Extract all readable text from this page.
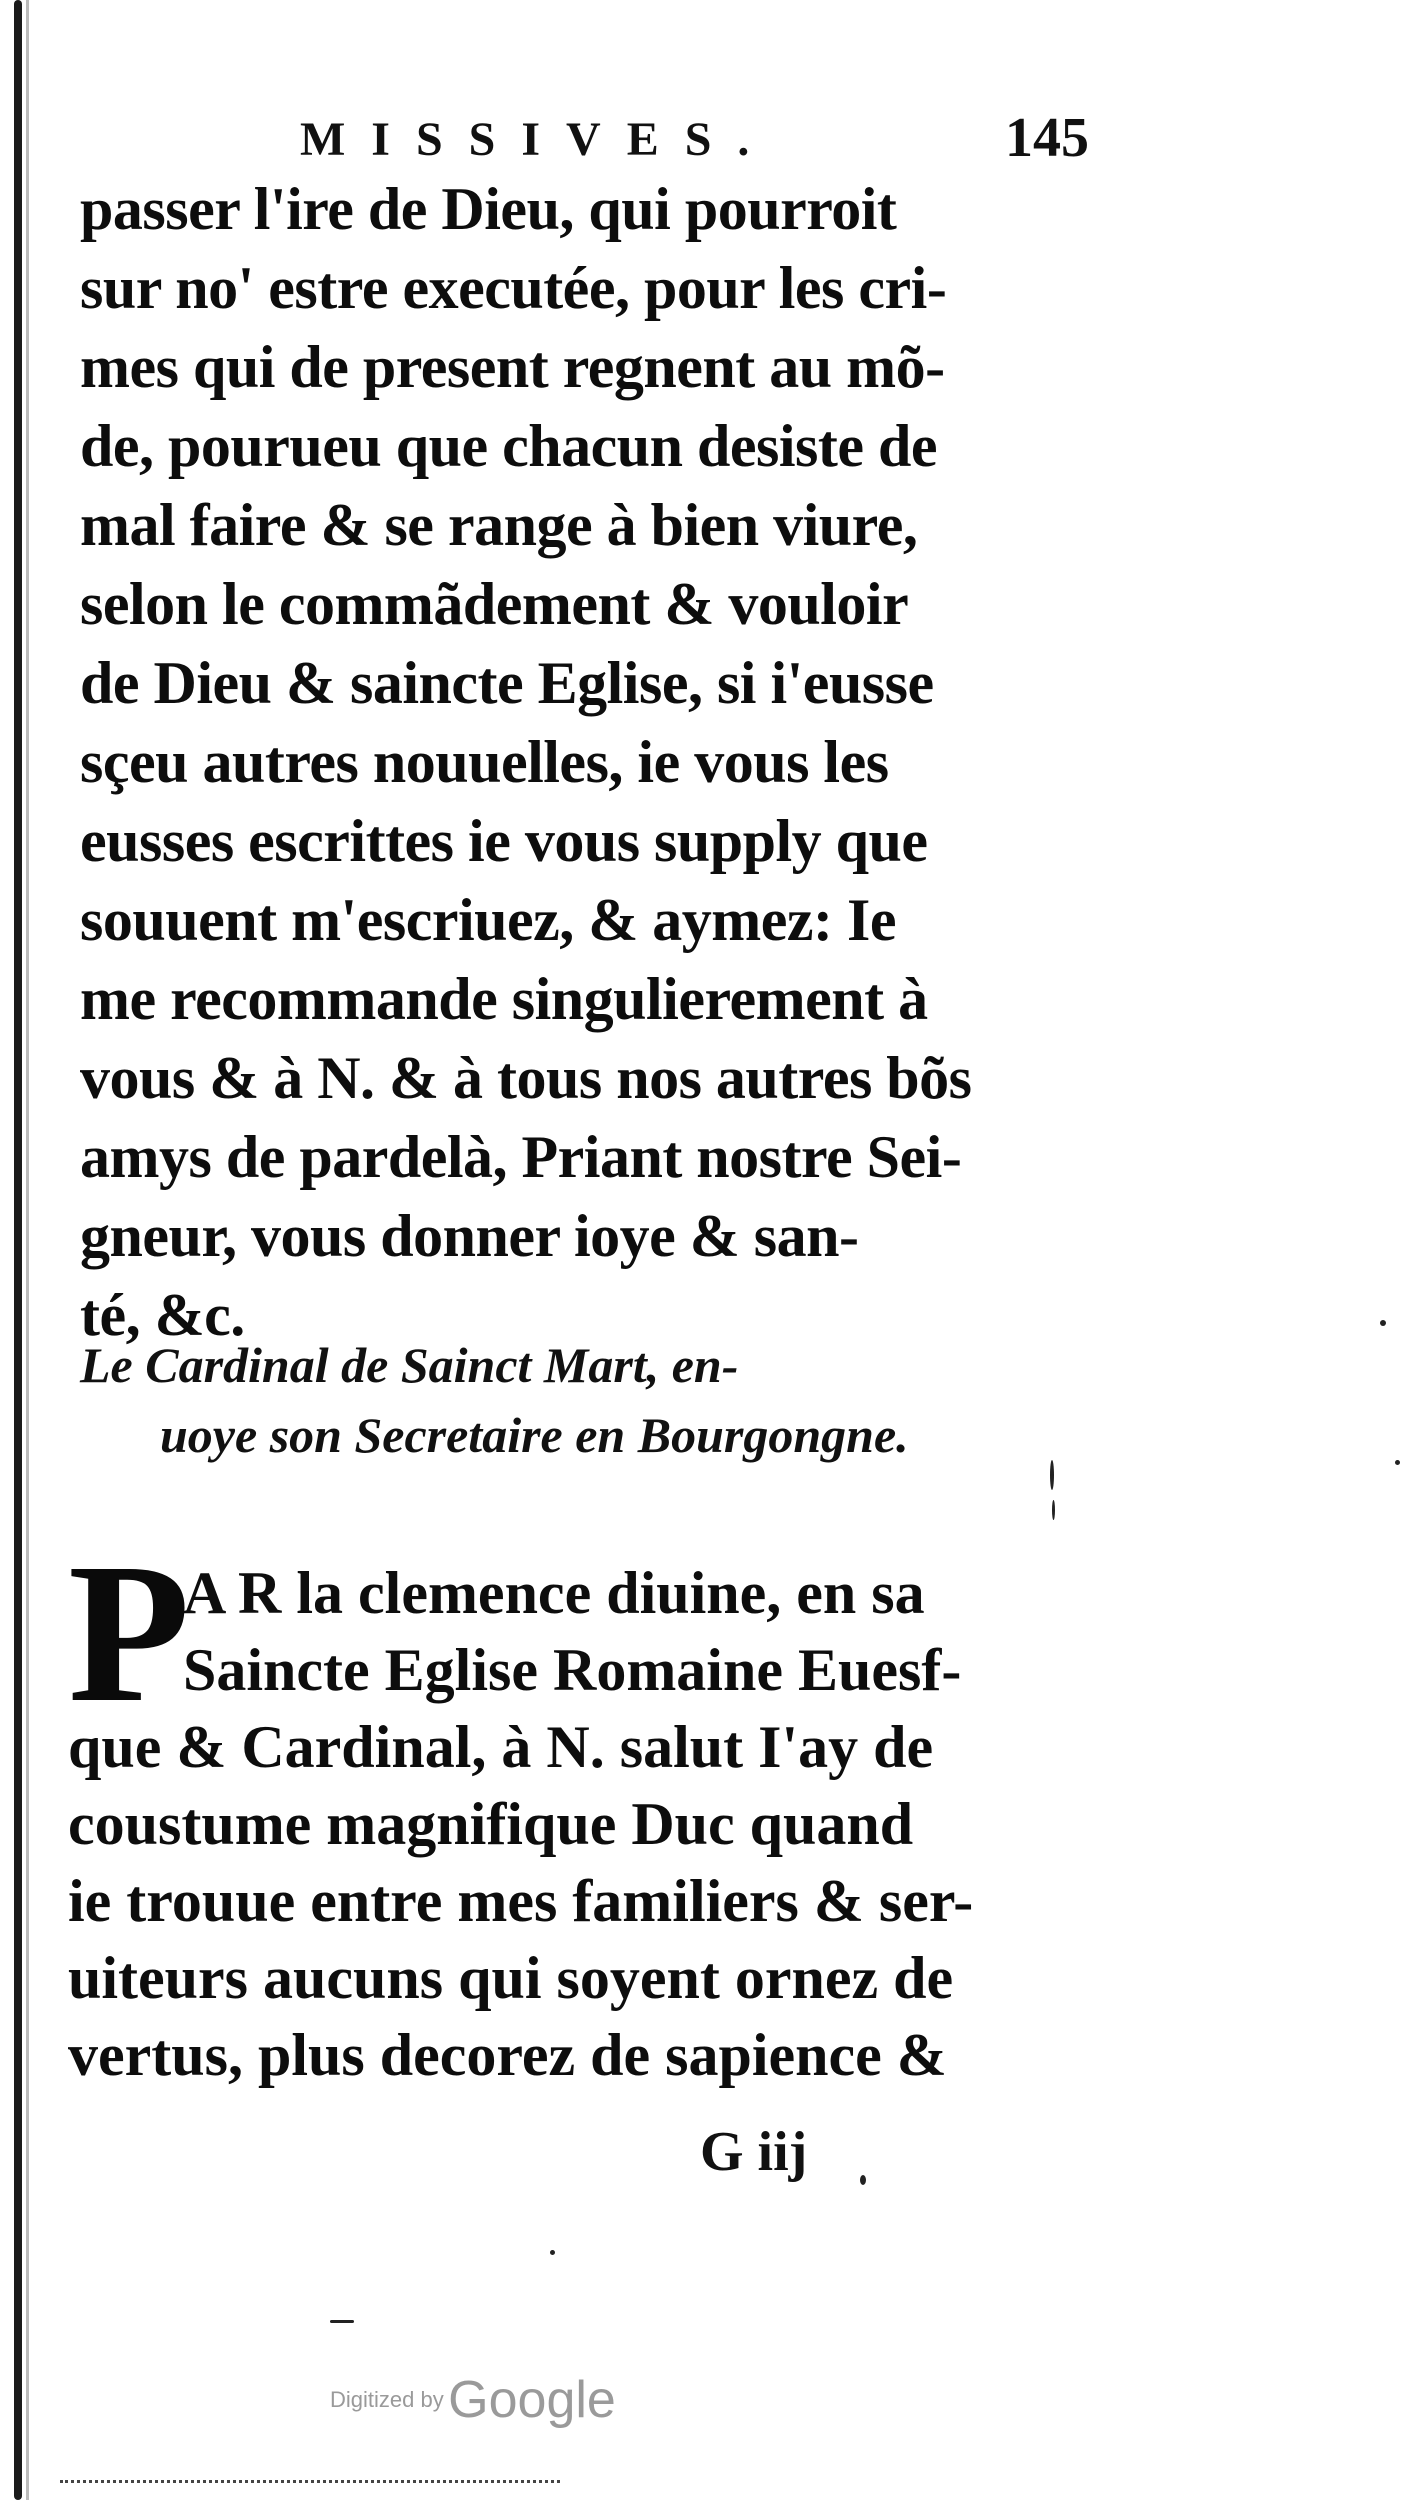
MISSIVES.	145
passer l'ire de Dieu, qui pourroit
sur no' estre executée, pour les cri-
mes qui de present regnent au mõ-
de, pourueu que chacun desiste de
mal faire & se range à bien viure,
selon le commãdement & vouloir
de Dieu & saincte Eglise, si i'eusse
sçeu autres nouuelles, ie vous les
eusses escrittes ie vous supply que
souuent m'escriuez, & aymez: Ie
me recommande singulierement à
vous & à N. & à tous nos autres bõs
amys de pardelà, Priant nostre Sei-
gneur, vous donner ioye & san-
té, &c.
Le Cardinal de Sainct Mart, en-
uoye son Secretaire en Bourgongne.
P
A R la clemence diuine, en sa
Saincte Eglise Romaine Euesf-
que & Cardinal, à N. salut I'ay de
coustume magnifique Duc quand
ie trouue entre mes familiers & ser-
uiteurs aucuns qui soyent ornez de
vertus, plus decorez de sapience &
G iij
Digitized by Google
